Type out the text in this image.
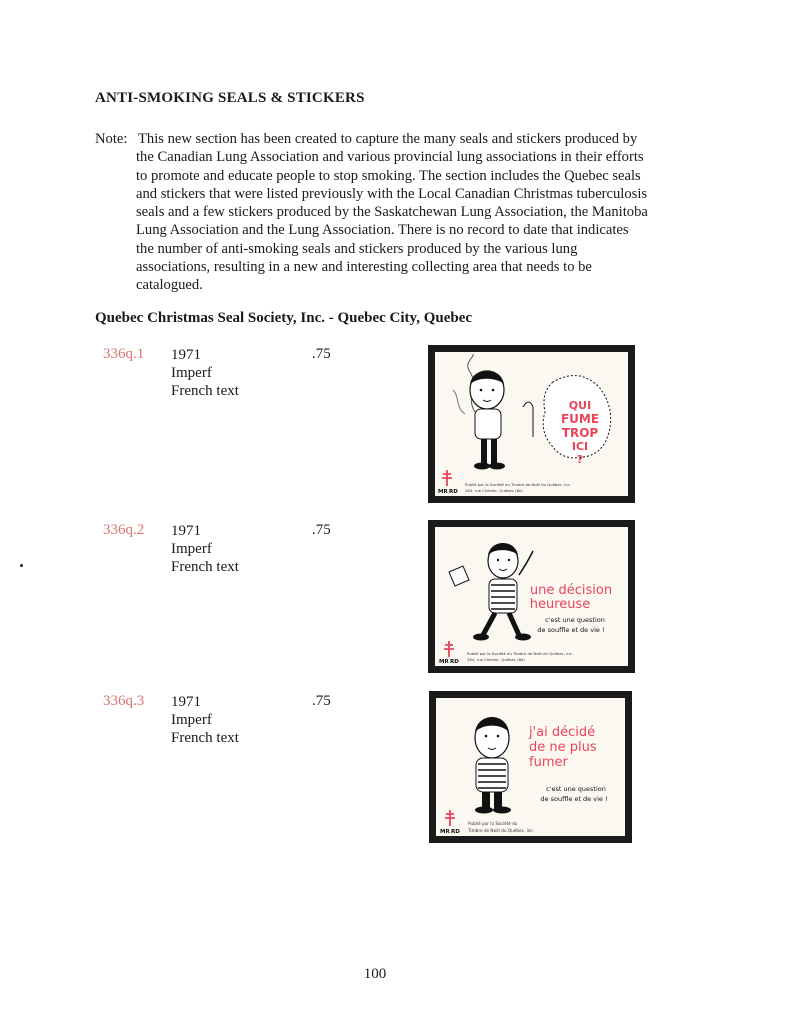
ANTI-SMOKING SEALS & STICKERS
Note: This new section has been created to capture the many seals and stickers produced by
the Canadian Lung Association and various provincial lung associations in their efforts
to promote and educate people to stop smoking. The section includes the Quebec seals
and stickers that were listed previously with the Local Canadian Christmas tuberculosis
seals and a few stickers produced by the Saskatchewan Lung Association, the Manitoba
Lung Association and the Lung Association. There is no record to date that indicates
the number of anti-smoking seals and stickers produced by the various lung
associations, resulting in a new and interesting collecting area that needs to be
catalogued.
Quebec Christmas Seal Society, Inc. - Quebec City, Quebec
336q.1 1971
Imperf
French text
.75
QUI
FUME
TROP
ICI
?
MR RD
Publié par la Société du Timbre de Noël du Québec, inc.
264, rue Chénier, Québec (8e)
336q.2 1971
Imperf
French text
.75
une décision
heureuse
c'est une question
de souffle et de vie !
MR RD
Publié par la Société du Timbre de Noël du Québec, inc.
264, rue Chénier, Québec (8e)
336q.3 1971
Imperf
French text
.75
j'ai décidé
de ne plus
fumer
c'est une question
de souffle et de vie !
MR RD
Publié par la Société du
Timbre de Noël du Québec, inc.
100
